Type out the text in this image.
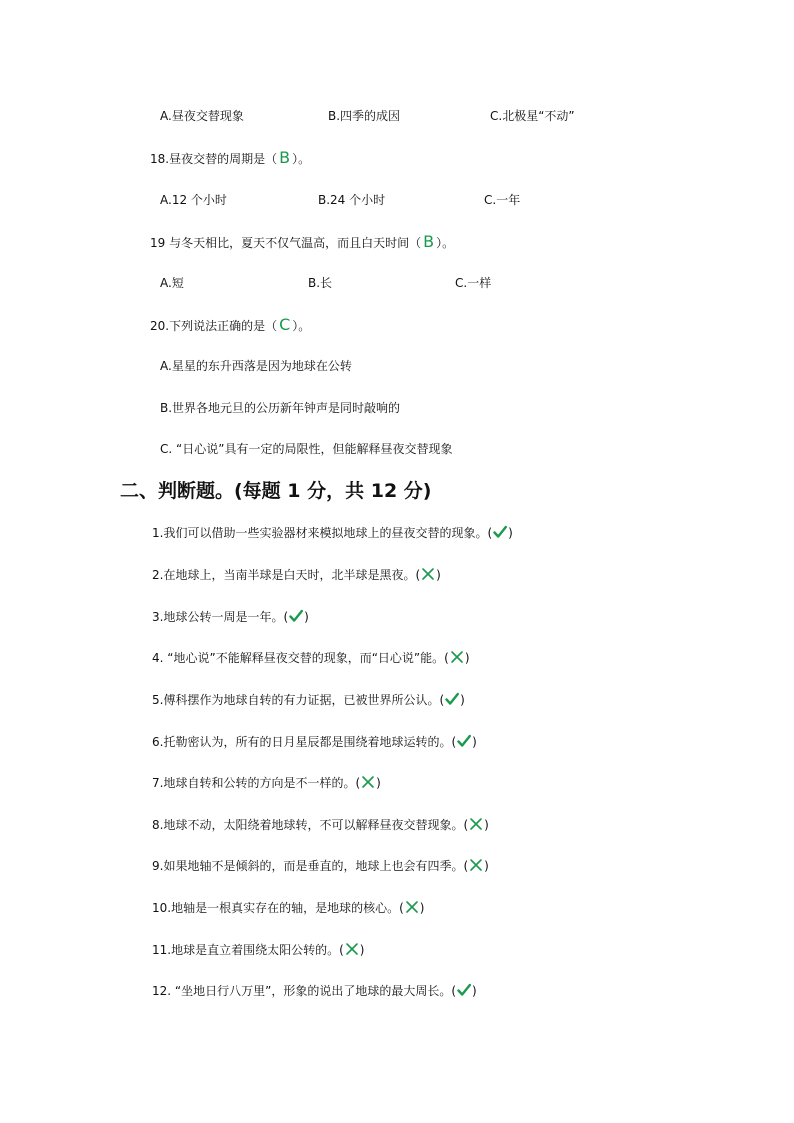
A.昼夜交替现象	B.四季的成因	C.北极星“不动”
18.昼夜交替的周期是（ B ）。
A.12 个小时	B.24 个小时	C.一年
19 与冬天相比，夏天不仅气温高，而且白天时间（ B ）。
A.短	B.长	C.一样
20.下列说法正确的是（ C ）。
A.星星的东升西落是因为地球在公转
B.世界各地元旦的公历新年钟声是同时敲响的
C. “日心说”具有一定的局限性，但能解释昼夜交替现象
二、判断题。(每题 1 分，共 12 分)
1.我们可以借助一些实验器材来模拟地球上的昼夜交替的现象。( )
2.在地球上，当南半球是白天时，北半球是黑夜。( )
3.地球公转一周是一年。( )
4. “地心说”不能解释昼夜交替的现象，而“日心说”能。( )
5.傅科摆作为地球自转的有力证据，已被世界所公认。( )
6.托勒密认为，所有的日月星辰都是围绕着地球运转的。( )
7.地球自转和公转的方向是不一样的。( )
8.地球不动，太阳绕着地球转，不可以解释昼夜交替现象。( )
9.如果地轴不是倾斜的，而是垂直的，地球上也会有四季。( )
10.地轴是一根真实存在的轴，是地球的核心。( )
11.地球是直立着围绕太阳公转的。( )
12. “坐地日行八万里”，形象的说出了地球的最大周长。( )
